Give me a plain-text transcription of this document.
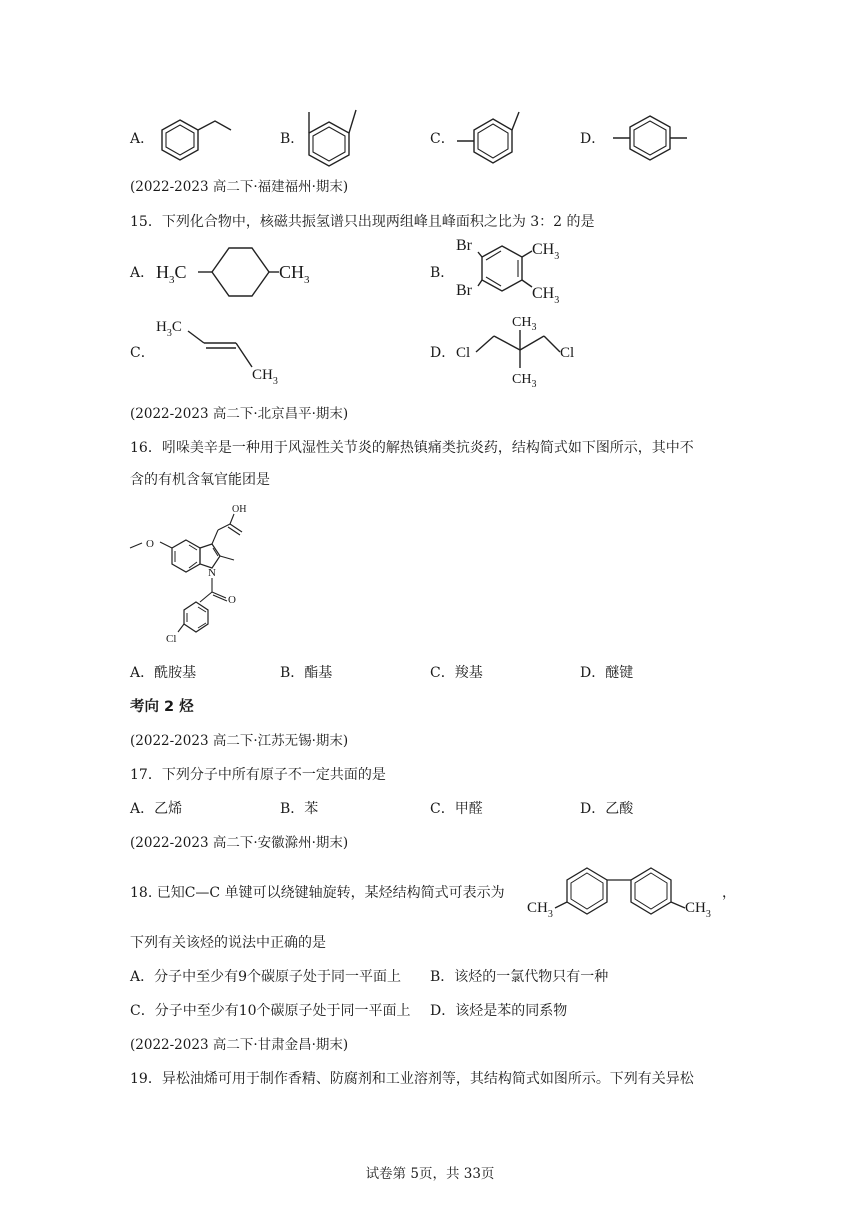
A．	B．	C．	D．
(2022-2023 高二下·福建福州·期末)
15．下列化合物中，核磁共振氢谱只出现两组峰且峰面积之比为 3：2 的是
A． $H_3C$	$CH_3$	B．
Br
Br
$CH_3$
$CH_3$
C．
$H_3C$
$CH_3$
D．
$CH_3$
$CH_3$
Cl	Cl
(2022-2023 高二下·北京昌平·期末)
16．吲哚美辛是一种用于风湿性关节炎的解热镇痛类抗炎药，结构简式如下图所示，其中不
含的有机含氧官能团是
OH
N
O
O
Cl
A．酰胺基	B．酯基	C．羧基	D．醚键
考向 2 烃
(2022-2023 高二下·江苏无锡·期末)
17．下列分子中所有原子不一定共面的是
A．乙烯	B．苯	C．甲醛	D．乙酸
(2022-2023 高二下·安徽滁州·期末)
18. 已知C—C 单键可以绕键轴旋转，某烃结构简式可表示为
$CH_3$	$CH_3$
，
下列有关该烃的说法中正确的是
A．分子中至少有9个碳原子处于同一平面上 B．该烃的一氯代物只有一种
C．分子中至少有10个碳原子处于同一平面上 D．该烃是苯的同系物
(2022-2023 高二下·甘肃金昌·期末)
19．异松油烯可用于制作香精、防腐剂和工业溶剂等，其结构简式如图所示。下列有关异松
试卷第 5页，共 33页
